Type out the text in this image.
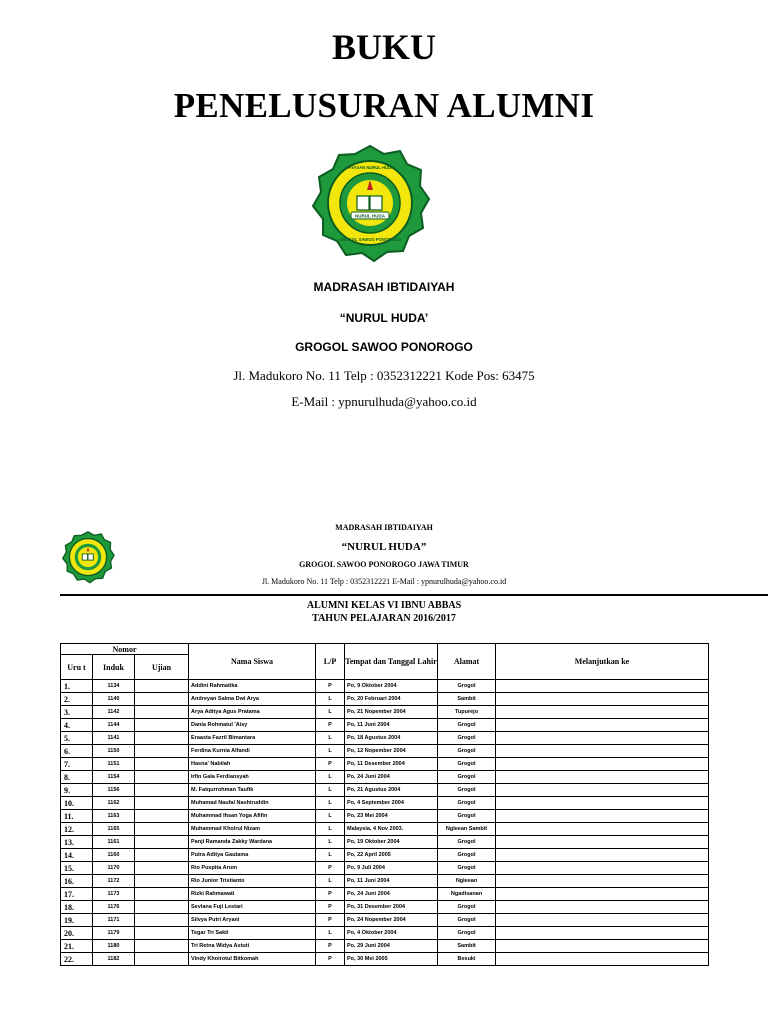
BUKU
PENELUSURAN ALUMNI
NURUL HUDA
YAYASAN NURUL HUDA
GROGOL SAWOO PONOROGO
MADRASAH IBTIDAIYAH
“NURUL HUDA’
GROGOL SAWOO PONOROGO
Jl. Madukoro No. 11 Telp : 0352312221 Kode Pos: 63475
E-Mail : ypnurulhuda@yahoo.co.id
MADRASAH IBTIDAIYAH
“NURUL HUDA”
GROGOL SAWOO PONOROGO JAWA TIMUR
Jl. Madukoro No. 11 Telp : 0352312221 E-Mail : ypnurulhuda@yahoo.co.id
ALUMNI KELAS VI IBNU ABBAS
TAHUN PELAJARAN 2016/2017
Nomor			Nama Siswa	L/P	Tempat dan Tanggal Lahir	Alamat	Melanjutkan ke
Uru t	Induk	Ujian					
1.	1134		Addini Rahmatika	P	Po, 9 Oktober 2004	Grogol	
2.	1140		Andreyan Salma Dwi Arya	L	Po, 20 Februari 2004	Sambit	
3.	1142		Arya Aditya Agus Pratama	L	Po, 21 Nopember 2004	Tupurejo	
4.	1144		Dania Rohmatul 'Aisy	P	Po, 11 Juni 2004	Grogol	
5.	1141		Eraasta Fazril Bimantara	L	Po, 18 Agustus 2004	Grogol	
6.	1150		Ferdina Kurnia Alfandi	L	Po, 12 Nopember 2004	Grogol	
7.	1151		Hasna' Nabilah	P	Po, 11 Desember 2004	Grogol	
8.	1154		Irfin Gala Ferdiansyah	L	Po, 24 Juni 2004	Grogol	
9.	1156		M. Fatqurrohman Taufik	L	Po, 21 Agustus 2004	Grogol	
10.	1162		Muhamad Naufal Nashiruddin	L	Po, 4 September 2004	Grogol	
11.	1163		Muhammad Ihsan Yoga Afifin	L	Po, 23 Mei 2004	Grogol	
12.	1165		Muhammad Kholrul Nizam	L	Malaysia, 4 Nov 2003.	Ngleean Sambit	
13.	1161		Panji Ramanda Zakky Wardana	L	Po, 19 Oktober 2004	Grogol	
14.	1160		Putra Aditya Gautama	L	Po, 22 April 2005	Grogol	
15.	1170		Rio Puspita Arum	P	Po, 9 Juli 2004	Grogol	
16.	1172		Rio Junior Tristianto	L	Po, 11 Juni 2004	Ngleean	
17.	1173		Rizki Rahmawati	P	Po, 24 Juni 2004	Ngadisanan	
18.	1176		Sevlana Fuji Lestari	P	Po, 31 Desember 2004	Grogol	
19.	1171		Silvya Putri Aryani	P	Po, 24 Nopember 2004	Grogol	
20.	1179		Tegar Tri Sakti	L	Po, 4 Oktober 2004	Grogol	
21.	1180		Tri Retna Widya Astuti	P	Po, 29 Juni 2004	Sambit	
22.	1182		Vindy Khoirotul Bitkomah	P	Po, 30 Mei 2005	Besuki	
